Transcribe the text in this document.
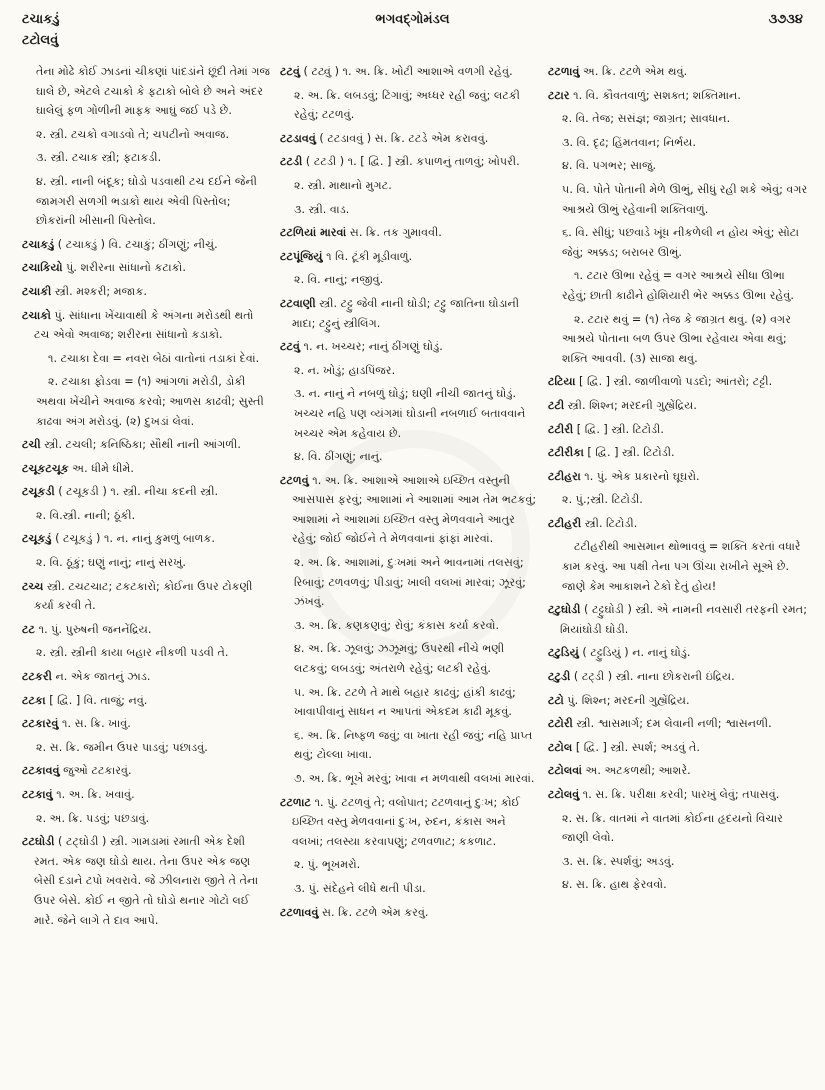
ટચાકડું
ટટોલવું
ભગવદ્ગોમંડલ	૩૭૩૪
તેના મોઢે કોઈ ઝાડનાં ચીકણાં પાંદડાંને છૂંદી તેમાં ગજ ઘાલે છે, એટલે ટચાકો કે ફટાકો બોલે છે અને અંદર ઘાલેલું ફળ ગોળીની માફક આઘું જઈ પડે છે.
૨. સ્ત્રી. ટચકો વગાડવો તે; ચપટીનો અવાજ.
૩. સ્ત્રી. ટચાક સ્ત્રી; ફટાકડી.
૪. સ્ત્રી. નાની બંદૂક; ઘોડો પડવાથી ટચ દઈને જેની જામગરી સળગી ભડાકો થાય એવી પિસ્તોલ; છોકરાંની ખીસાની પિસ્તોલ.
ટચાકડું ( ટચાક્ડું ) વિ. ટચાકું; ઠીંગણું; નીચું.
ટચાકિયો પું. શરીરના સાંધાનો કટાકો.
ટચાકી સ્ત્રી. મશ્કરી; મજાક.
ટચાકો પું. સાંધાના ખેંચાવાથી કે અંગના મરોડથી થતો ટચ એવો અવાજ; શરીરના સાંધાનો કડાકો.
૧. ટચાકા દેવા = નવરા બેઠાં વાતોનાં તડાકાં દેવાં.
૨. ટચાકા ફોડવા = (૧) આંગળાં મરોડી, ડોકી અથવા ખેંચીને અવાજ કરવો; આળસ કાઢવી; સુસ્તી કાઢવા અંગ મરોડવું. (૨) દુખડાં લેવાં.
ટચી સ્ત્રી. ટચલી; કનિષ્ઠિકા; સૌથી નાની આંગળી.
ટચૂકટચૂક અ. ધીમે ધીમે.
ટચૂકડી ( ટચૂકડી ) ૧. સ્ત્રી. નીચા કદની સ્ત્રી.
૨. વિ.સ્ત્રી. નાની; ઠૂંકી.
ટચૂકડું ( ટચૂકડું ) ૧. ન. નાનું કુમળું બાળક.
૨. વિ. ઠૂંકું; ઘણું નાનું; નાનું સરખું.
ટચ્ચ સ્ત્રી. ટચટચાટ; ટકટકારો; કોઈના ઉપર ટોકણી કર્યા કરવી તે.
ટટ ૧. પું. પુરુષની જનનેંદ્રિય.
૨. સ્ત્રી. સ્ત્રીની કાયા બહાર નીકળી પડવી તે.
ટટકરી ન. એક જાતનું ઝાડ.
ટટકા [ દ્વિ. ] વિ. તાજું; નવું.
ટટકારવું ૧. સ. ક્રિ. ખાવું.
૨. સ. ક્રિ. જમીન ઉપર પાડવું; પછાડવું.
ટટકાવવું જુઓ ટટકારવું.
ટટકાવું ૧. અ. ક્રિ. ખવાવું.
૨. અ. ક્રિ. પડવું; પછડાવું.
ટટઘોડી ( ટટ્ઘોડી ) સ્ત્રી. ગામડામાં રમાતી એક દેશી રમત. એક જણ ઘોડો થાય. તેના ઉપર એક જણ બેસી દડાને ટપો ખવરાવે. જે ઝીલનારા જીતે તે તેના ઉપર બેસે. કોઈ ન જીતે તો ઘોડો થનાર ગોટો લઈ મારે. જેને લાગે તે દાવ આપે.
ટટવું ( ટટ્વું ) ૧. અ. ક્રિ. ખોટી આશાએ વળગી રહેવું.
૨. અ. ક્રિ. લબડવું; ટિંગાવું; અધ્ધર રહી જવું; લટકી રહેવું; ટટળવું.
ટટડાવવું ( ટટડાવવું ) સ. ક્રિ. ટટડે એમ કરાવવું.
ટટડી ( ટટડી ) ૧. [ દ્વિ. ] સ્ત્રી. કપાળનું તાળવું; ખોપરી.
૨. સ્ત્રી. માથાનો મુગટ.
૩. સ્ત્રી. વાડ.
ટટળિયાં મારવાં સ. ક્રિ. તક ગુમાવવી.
ટટપૂંજિયું ૧ વિ. ટૂંકી મૂડીવાળું.
૨. વિ. નાનું; નજીવું.
ટટવાણી સ્ત્રી. ટટ્ટુ જેવી નાની ઘોડી; ટટ્ટુ જાતિના ઘોડાની માદા; ટટ્ટુનું સ્ત્રીલિંગ.
ટટવું ૧. ન. ખચ્ચર; નાનું ઠીંગણું ઘોડું.
૨. ન. ખોડું; હાડપિંજર.
૩. ન. નાનું ને નબળું ઘોડું; ઘણી નીચી જાતનું ઘોડું. ખચ્ચર નહિ પણ વ્યંગમાં ઘોડાની નબળાઈ બતાવવાને ખચ્ચર એમ કહેવાય છે.
૪. વિ. ઠીંગણું; નાનું.
ટટળવું ૧. અ. ક્રિ. આશાએ આશાએ ઇચ્છિત વસ્તુની આસપાસ ફરવું; આશામાં ને આશામાં આમ તેમ ભટકવું; આશામાં ને આશામાં ઇચ્છિત વસ્તુ મેળવવાને આતુર રહેવું; જોઈ જોઈને તે મેળવવાનાં ફાંફાં મારવાં.
૨. અ. ક્રિ. આશામાં, દુઃખમાં અને ભાવનામાં તલસવું; રિબાવું; ટળવળવું; પીડાવું; ખાલી વલખાં મારવાં; ઝૂરવું; ઝંખવું.
૩. અ. ક્રિ. કણકણવું; રોવું; કંકાસ કર્યા કરવો.
૪. અ. ક્રિ. ઝૂલવું; ઝઝૂમવું; ઉપરથી નીચે ભણી લટકવું; લબડવું; અંતરાળે રહેવું; લટકી રહેવું.
૫. અ. ક્રિ. ટટળે તે માથે બહાર કાઢવું; હાંકી કાઢવું; ખાવાપીવાનું સાધન ન આપતાં એકદમ કાઢી મૂકવું.
૬. અ. ક્રિ. નિષ્ફળ જવું; વા ખાતા રહી જવું; નહિ પ્રાપ્ત થવું; ટોલ્લા ખાવા.
૭. અ. ક્રિ. ભૂખે મરવું; ખાવા ન મળવાથી વલખાં મારવાં.
ટટળાટ ૧. પું. ટટળવું તે; વલોપાત; ટટળવાનું દુઃખ; કોઈ ઇચ્છિત વસ્તુ મેળવવાનાં દુઃખ, રુદન, કંકાસ અને વલખાં; તલસ્યા કરવાપણું; ટળવળાટ; કકળાટ.
૨. પું. ભૂખમરો.
૩. પું. સંદેહને લીધે થતી પીડા.
ટટળાવવું સ. ક્રિ. ટટળે એમ કરવું.
ટટળાવું અ. ક્રિ. ટટળે એમ થવું.
ટટાર ૧. વિ. કૌવતવાળું; સશક્ત; શક્તિમાન.
૨. વિ. તેજ; સસંજ્ઞ; જાગ્રત; સાવધાન.
૩. વિ. દૃઢ; હિંમતવાન; નિર્ભય.
૪. વિ. પગભર; સાજું.
૫. વિ. પોતે પોતાની મેળે ઊભું, સીધું રહી શકે એવું; વગર આશ્રયે ઊભું રહેવાની શક્તિવાળું.
૬. વિ. સીધું; પછવાડે ખૂંધ નીકળેલી ન હોય એવું; સોટા જેવું; અક્કડ; બરાબર ઊભું.
૧. ટટાર ઊભા રહેવું = વગર આશ્રયે સીધા ઊભા રહેવું; છાતી કાઢીને હોશિયારી ભેર અક્કડ ઊભા રહેવું.
૨. ટટાર થવું = (૧) તેજ કે જાગ્રત થવું. (૨) વગર આશ્રયે પોતાના બળ ઉપર ઊભા રહેવાય એવા થવું; શક્તિ આવવી. (૩) સાજા થવું.
ટટિયા [ દ્વિ. ] સ્ત્રી. જાળીવાળો પડદો; આંતરો; ટટ્ટી.
ટટી સ્ત્રી. શિશ્ન; મરદની ગુહ્યેંદ્રિય.
ટટીરી [ દ્વિ. ] સ્ત્રી. ટિટોડી.
ટટીરીકા [ દ્વિ. ] સ્ત્રી. ટિટોડી.
ટટીહરા ૧. પું. એક પ્રકારનો ઘૂઘરો.
૨. પું.;સ્ત્રી. ટિટોડી.
ટટીહરી સ્ત્રી. ટિટોડી.
ટટીહરીથી આસમાન થોભાવવું = શક્તિ કરતાં વધારે કામ કરવું. આ પક્ષી તેના પગ ઊંચા રાખીને સૂએ છે. જાણે કેમ આકાશને ટેકો દેતું હોય!
ટટુઘોડી ( ટટ્ટુઘોડી ) સ્ત્રી. એ નામની નવસારી તરફની રમત; મિયાંઘોડી ઘોડી.
ટટુડિયું ( ટટ્ટુડિયું ) ન. નાનું ઘોડું.
ટટુડી ( ટટ્ડી ) સ્ત્રી. નાના છોકરાની ઇંદ્રિય.
ટટો પું. શિશ્ન; મરદની ગુહ્યેંદ્રિય.
ટટોરી સ્ત્રી. શ્વાસમાર્ગ; દમ લેવાની નળી; શ્વાસનળી.
ટટોલ [ દ્વિ. ] સ્ત્રી. સ્પર્શ; અડવું તે.
ટટોલવાં અ. અટકળથી; આશરે.
ટટોલવું ૧. સ. ક્રિ. પરીક્ષા કરવી; પારખું લેવું; તપાસવું.
૨. સ. ક્રિ. વાતમાં ને વાતમાં કોઈના હૃદયનો વિચાર જાણી લેવો.
૩. સ. ક્રિ. સ્પર્શવું; અડવું.
૪. સ. ક્રિ. હાથ ફેરવવો.
